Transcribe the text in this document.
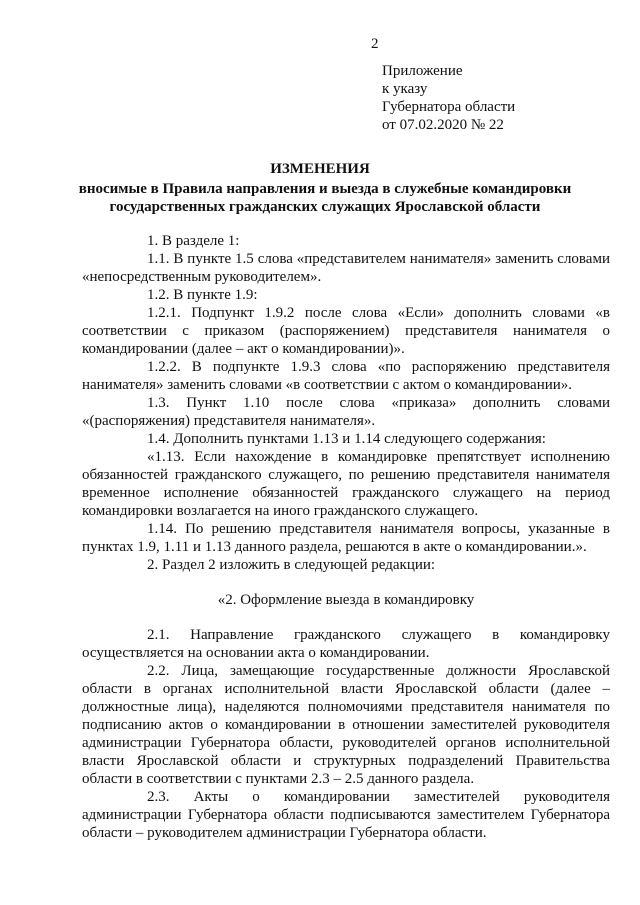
2
Приложение
к указу
Губернатора области
от 07.02.2020 № 22
ИЗМЕНЕНИЯ
вносимые в Правила направления и выезда в служебные командировки государственных гражданских служащих Ярославской области

1. В разделе 1:

1.1. В пункте 1.5 слова «представителем нанимателя» заменить словами «непосредственным руководителем».

1.2. В пункте 1.9:

1.2.1. Подпункт 1.9.2 после слова «Если» дополнить словами «в соответствии с приказом (распоряжением) представителя нанимателя о командировании (далее – акт о командировании)».

1.2.2. В подпункте 1.9.3 слова «по распоряжению представителя нанимателя» заменить словами «в соответствии с актом о командировании».

1.3. Пункт 1.10 после слова «приказа» дополнить словами «(распоряжения) представителя нанимателя».

1.4. Дополнить пунктами 1.13 и 1.14 следующего содержания:

«1.13. Если нахождение в командировке препятствует исполнению обязанностей гражданского служащего, по решению представителя нанимателя временное исполнение обязанностей гражданского служащего на период командировки возлагается на иного гражданского служащего.

1.14. По решению представителя нанимателя вопросы, указанные в пунктах 1.9, 1.11 и 1.13 данного раздела, решаются в акте о командировании.».

2. Раздел 2 изложить в следующей редакции:

«2. Оформление выезда в командировку

2.1. Направление гражданского служащего в командировку осуществляется на основании акта о командировании.

2.2. Лица, замещающие государственные должности Ярославской области в органах исполнительной власти Ярославской области (далее – должностные лица), наделяются полномочиями представителя нанимателя по подписанию актов о командировании в отношении заместителей руководителя администрации Губернатора области, руководителей органов исполнительной власти Ярославской области и структурных подразделений Правительства области в соответствии с пунктами 2.3 – 2.5 данного раздела.

2.3. Акты о командировании заместителей руководителя администрации Губернатора области подписываются заместителем Губернатора области – руководителем администрации Губернатора области.
